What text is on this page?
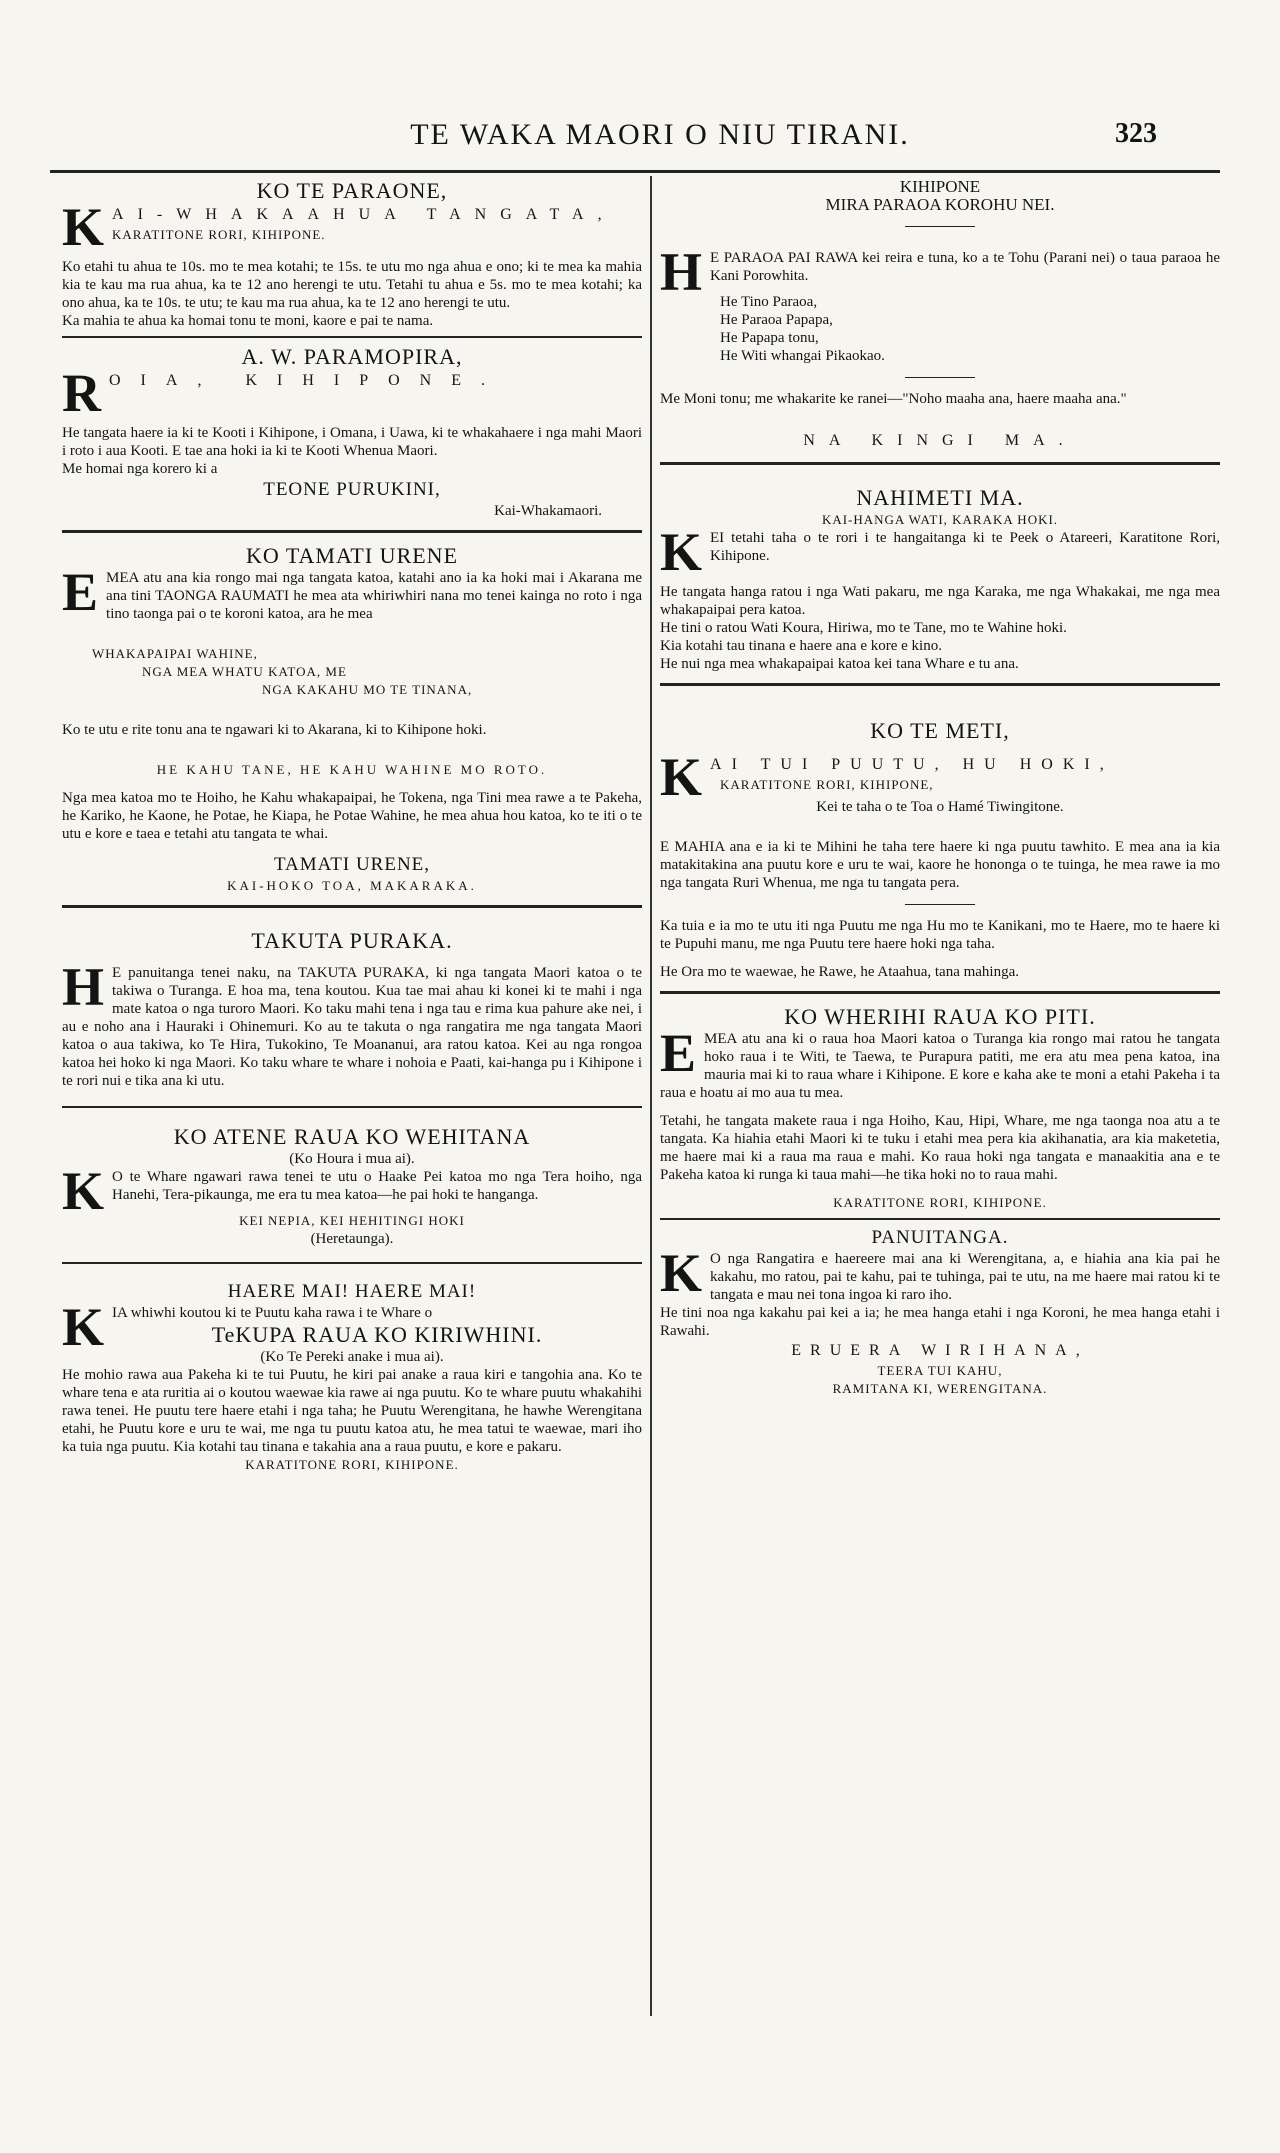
TE WAKA MAORI O NIU TIRANI.	323
KO TE PARAONE,
K AI-WHAKAAHUA TANGATA,
KARATITONE RORI, KIHIPONE.

Ko etahi tu ahua te 10s. mo te mea kotahi; te 15s. te utu mo nga ahua e ono; ki te mea ka mahia kia te kau ma rua ahua, ka te 12 ano herengi te utu. Tetahi tu ahua e 5s. mo te mea kotahi; ka ono ahua, ka te 10s. te utu; te kau ma rua ahua, ka te 12 ano herengi te utu.

Ka mahia te ahua ka homai tonu te moni, kaore e pai te nama.

A. W. PARAMOPIRA,
R OIA, KIHIPONE.

He tangata haere ia ki te Kooti i Kihipone, i Omana, i Uawa, ki te whakahaere i nga mahi Maori i roto i aua Kooti. E tae ana hoki ia ki te Kooti Whenua Maori.

Me homai nga korero ki a

TEONE PURUKINI,

Kai-Whakamaori.

KO TAMATI URENE
E MEA atu ana kia rongo mai nga tangata katoa, katahi ano ia ka hoki mai i Akarana me ana tini TAONGA RAUMATI he mea ata whiriwhiri nana mo tenei kainga no roto i nga tino taonga pai o te koroni katoa, ara he mea

WHAKAPAIPAI WAHINE,
NGA MEA WHATU KATOA, ME
NGA KAKAHU MO TE TINANA,

Ko te utu e rite tonu ana te ngawari ki to Akarana, ki to Kihipone hoki.

HE KAHU TANE, HE KAHU WAHINE MO ROTO.

Nga mea katoa mo te Hoiho, he Kahu whakapaipai, he Tokena, nga Tini mea rawe a te Pakeha, he Kariko, he Kaone, he Potae, he Kiapa, he Potae Wahine, he mea ahua hou katoa, ko te iti o te utu e kore e taea e tetahi atu tangata te whai.

TAMATI URENE,
KAI-HOKO TOA, MAKARAKA.
TAKUTA PURAKA.
H E panuitanga tenei naku, na TAKUTA PURAKA, ki nga tangata Maori katoa o te takiwa o Turanga. E hoa ma, tena koutou. Kua tae mai ahau ki konei ki te mahi i nga mate katoa o nga turoro Maori. Ko taku mahi tena i nga tau e rima kua pahure ake nei, i au e noho ana i Hauraki i Ohinemuri. Ko au te takuta o nga rangatira me nga tangata Maori katoa o aua takiwa, ko Te Hira, Tukokino, Te Moananui, ara ratou katoa. Kei au nga rongoa katoa hei hoko ki nga Maori. Ko taku whare te whare i nohoia e Paati, kai-hanga pu i Kihipone i te rori nui e tika ana ki utu.

KO ATENE RAUA KO WEHITANA

(Ko Houra i mua ai).

K O te Whare ngawari rawa tenei te utu o Haake Pei katoa mo nga Tera hoiho, nga Hanehi, Tera-pikaunga, me era tu mea katoa—he pai hoki te hanganga.

KEI NEPIA, KEI HEHITINGI HOKI

(Heretaunga).

HAERE MAI! HAERE MAI!
K IA whiwhi koutou ki te Puutu kaha rawa i te Whare o

TeKUPA RAUA KO KIRIWHINI.

(Ko Te Pereki anake i mua ai).

He mohio rawa aua Pakeha ki te tui Puutu, he kiri pai anake a raua kiri e tangohia ana. Ko te whare tena e ata ruritia ai o koutou waewae kia rawe ai nga puutu. Ko te whare puutu whakahihi rawa tenei. He puutu tere haere etahi i nga taha; he Puutu Werengitana, he hawhe Werengitana etahi, he Puutu kore e uru te wai, me nga tu puutu katoa atu, he mea tatui te waewae, mari iho ka tuia nga puutu. Kia kotahi tau tinana e takahia ana a raua puutu, e kore e pakaru.

KARATITONE RORI, KIHIPONE.

KIHIPONE

MIRA PARAOA KOROHU NEI.

H E PARAOA PAI RAWA kei reira e tuna, ko a te Tohu (Parani nei) o taua paraoa he Kani Porowhita.

He Tino Paraoa,

He Paraoa Papapa,

He Papapa tonu,

He Witi whangai Pikaokao.

Me Moni tonu; me whakarite ke ranei—"Noho maaha ana, haere maaha ana."

NA KINGI MA.
NAHIMETI MA.
KAI-HANGA WATI, KARAKA HOKI.
K EI tetahi taha o te rori i te hangaitanga ki te Peek o Atareeri, Karatitone Rori, Kihipone.

He tangata hanga ratou i nga Wati pakaru, me nga Karaka, me nga Whakakai, me nga mea whakapaipai pera katoa.

He tini o ratou Wati Koura, Hiriwa, mo te Tane, mo te Wahine hoki.

Kia kotahi tau tinana e haere ana e kore e kino.

He nui nga mea whakapaipai katoa kei tana Whare e tu ana.

KO TE METI,
K AI TUI PUUTU, HU HOKI,
KARATITONE RORI, KIHIPONE,

Kei te taha o te Toa o Hamé Tiwingitone.

E MAHIA ana e ia ki te Mihini he taha tere haere ki nga puutu tawhito. E mea ana ia kia matakitakina ana puutu kore e uru te wai, kaore he hononga o te tuinga, he mea rawe ia mo nga tangata Ruri Whenua, me nga tu tangata pera.

Ka tuia e ia mo te utu iti nga Puutu me nga Hu mo te Kanikani, mo te Haere, mo te haere ki te Pupuhi manu, me nga Puutu tere haere hoki nga taha.

He Ora mo te waewae, he Rawe, he Ataahua, tana mahinga.

KO WHERIHI RAUA KO PITI.
E MEA atu ana ki o raua hoa Maori katoa o Turanga kia rongo mai ratou he tangata hoko raua i te Witi, te Taewa, te Purapura patiti, me era atu mea pena katoa, ina mauria mai ki to raua whare i Kihipone. E kore e kaha ake te moni a etahi Pakeha i ta raua e hoatu ai mo aua tu mea.

Tetahi, he tangata makete raua i nga Hoiho, Kau, Hipi, Whare, me nga taonga noa atu a te tangata. Ka hiahia etahi Maori ki te tuku i etahi mea pera kia akihanatia, ara kia maketetia, me haere mai ki a raua ma raua e mahi. Ko raua hoki nga tangata e manaakitia ana e te Pakeha katoa ki runga ki taua mahi—he tika hoki no to raua mahi.

KARATITONE RORI, KIHIPONE.
PANUITANGA.
K O nga Rangatira e haereere mai ana ki Werengitana, a, e hiahia ana kia pai he kakahu, mo ratou, pai te kahu, pai te tuhinga, pai te utu, na me haere mai ratou ki te tangata e mau nei tona ingoa ki raro iho.

He tini noa nga kakahu pai kei a ia; he mea hanga etahi i nga Koroni, he mea hanga etahi i Rawahi.

ERUERA WIRIHANA,
TEERA TUI KAHU,
RAMITANA KI, WERENGITANA.
